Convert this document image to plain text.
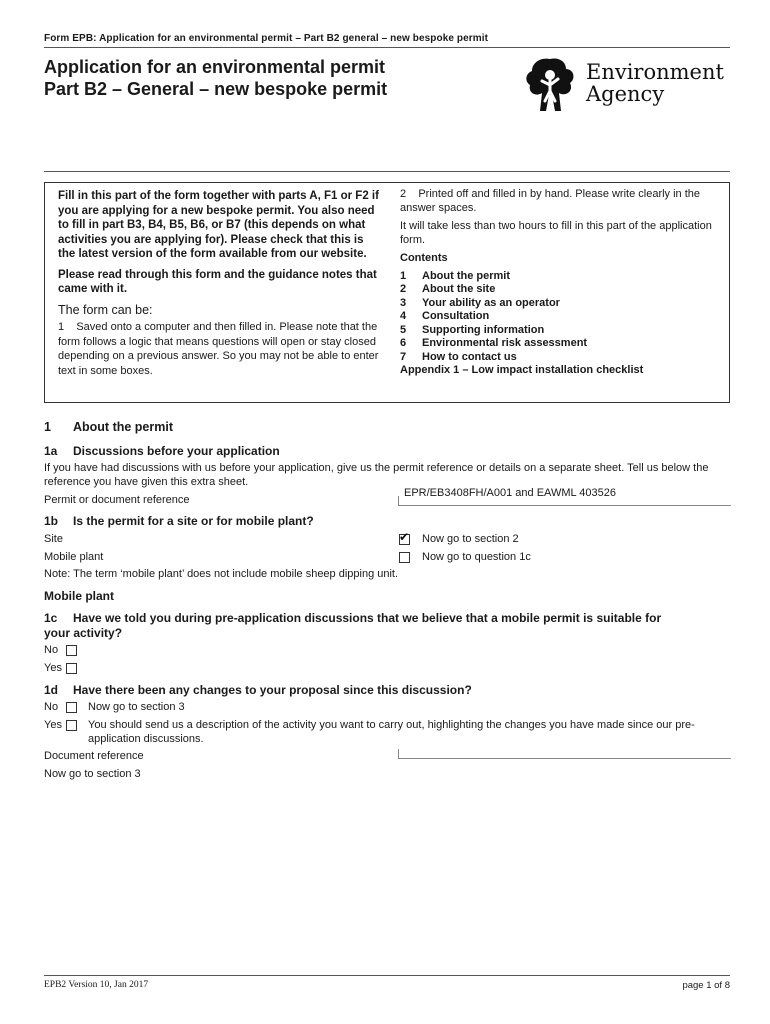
Form EPB: Application for an environmental permit – Part B2 general – new bespoke permit
Application for an environmental permit
Part B2 – General – new bespoke permit
Environment
Agency
Fill in this part of the form together with parts A, F1 or F2 if you are applying for a new bespoke permit. You also need to fill in part B3, B4, B5, B6, or B7 (this depends on what activities you are applying for). Please check that this is the latest version of the form available from our website.
Please read through this form and the guidance notes that came with it.
The form can be:
1    Saved onto a computer and then filled in. Please note that the form follows a logic that means questions will open or stay closed depending on a previous answer. So you may not be able to enter text in some boxes.
2    Printed off and filled in by hand. Please write clearly in the answer spaces.
It will take less than two hours to fill in this part of the application form.
Contents
1	About the permit
2	About the site
3	Your ability as an operator
4	Consultation
5	Supporting information
6	Environmental risk assessment
7	How to contact us
Appendix 1 – Low impact installation checklist
1 About the permit
1a Discussions before your application
If you have had discussions with us before your application, give us the permit reference or details on a separate sheet. Tell us below the reference you have given this extra sheet.
Permit or document reference
EPR/EB3408FH/A001 and EAWML 403526
1b Is the permit for a site or for mobile plant?
Site
✔	Now go to section 2
Mobile plant	Now go to question 1c
Note: The term ‘mobile plant’ does not include mobile sheep dipping unit.
Mobile plant
1c Have we told you during pre-application discussions that we believe that a mobile permit is suitable for
your activity?
No
Yes
1d Have there been any changes to your proposal since this discussion?
No	Now go to section 3
Yes You should send us a description of the activity you want to carry out, highlighting the changes you have made since our pre-
application discussions.
Document reference
Now go to section 3
EPB2 Version 10, Jan 2017	page 1 of 8
